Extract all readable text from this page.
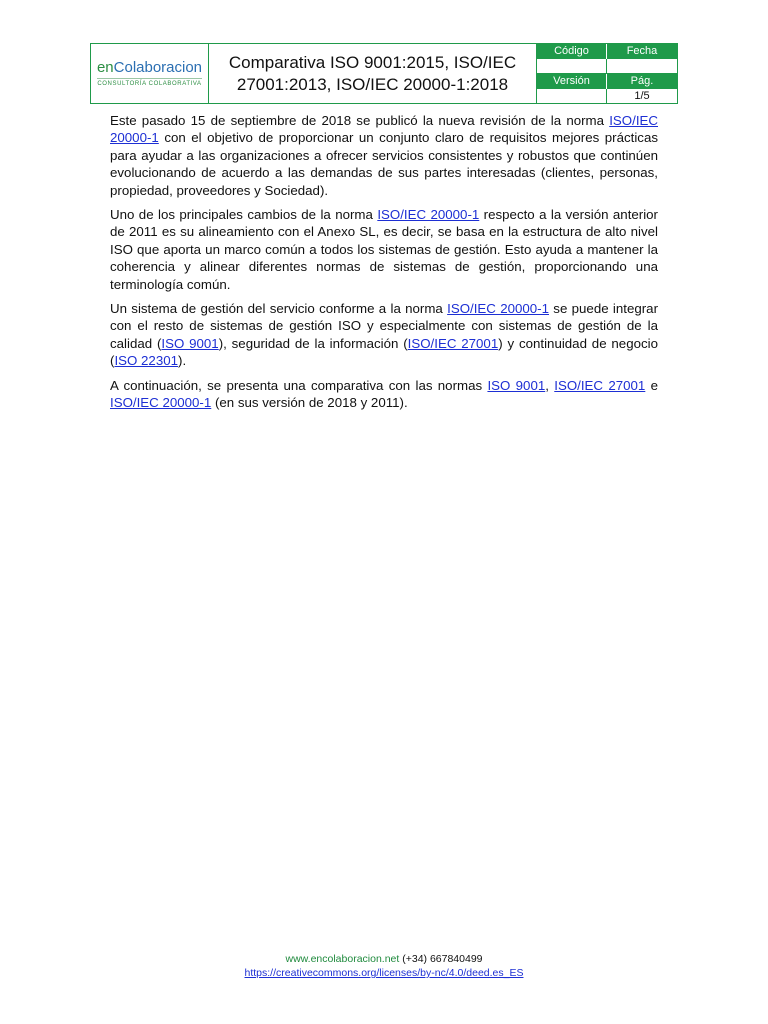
enColaboracion
CONSULTORÍA COLABORATIVA
Comparativa ISO 9001:2015, ISO/IEC 27001:2013, ISO/IEC 20000-1:2018
Código	Fecha
Versión	Pág.
1/5

Este pasado 15 de septiembre de 2018 se publicó la nueva revisión de la norma ISO/IEC 20000-1 con el objetivo de proporcionar un conjunto claro de requisitos mejores prácticas para ayudar a las organizaciones a ofrecer servicios consistentes y robustos que continúen evolucionando de acuerdo a las demandas de sus partes interesadas (clientes, personas, propiedad, proveedores y Sociedad).

Uno de los principales cambios de la norma ISO/IEC 20000-1 respecto a la versión anterior de 2011 es su alineamiento con el Anexo SL, es decir, se basa en la estructura de alto nivel ISO que aporta un marco común a todos los sistemas de gestión. Esto ayuda a mantener la coherencia y alinear diferentes normas de sistemas de gestión, proporcionando una terminología común.

Un sistema de gestión del servicio conforme a la norma ISO/IEC 20000-1 se puede integrar con el resto de sistemas de gestión ISO y especialmente con sistemas de gestión de la calidad (ISO 9001), seguridad de la información (ISO/IEC 27001) y continuidad de negocio (ISO 22301).

A continuación, se presenta una comparativa con las normas ISO 9001, ISO/IEC 27001 e ISO/IEC 20000-1 (en sus versión de 2018 y 2011).

www.encolaboracion.net (+34) 667840499
https://creativecommons.org/licenses/by-nc/4.0/deed.es_ES
